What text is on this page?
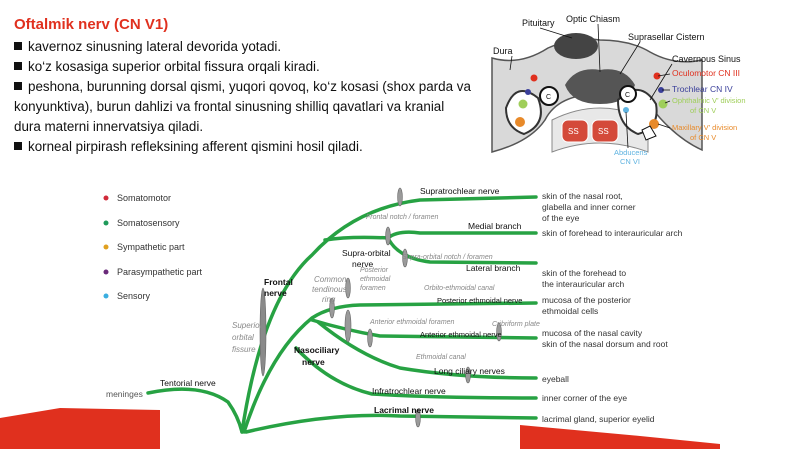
Oftalmik nerv (CN V1)
kavernoz sinusning lateral devorida yotadi.
ko‘z kosasiga superior orbital fissura orqali kiradi.
peshona, burunning dorsal qismi, yuqori qovoq, ko‘z kosasi (shox parda va konyunktiva), burun dahlizi va frontal sinusning shilliq qavatlari va kranial dura materni innervatsiya qiladi.
korneal pirpirash refleksining afferent qismini hosil qiladi.
Pituitary Optic Chiasm
Suprasellar Cistern
Dura
Cavernous Sinus
Oculomotor CN III
Trochlear CN IV
Ophthalmic V’ division
of CN V
Maxillary V’ division
of CN V
Abducens
CN VI
SS SS
C	C
Somatomotor
Somatosensory
Sympathetic part
Parasympathetic part
Sensory
meninges
Tentorial nerve
Frontal
nerve
Supratrochlear nerve
Supra-orbital
nerve
Medial branch
Lateral branch
Nasociliary
nerve
Posterior ethmoidal nerve
Anterior ethmoidal nerve
Long ciliary nerves
Infratrochlear nerve
Lacrimal nerve
Frontal notch / foramen
Supra-orbital notch / foramen
Orbito-ethmoidal canal
Anterior ethmoidal foramen	Cribriform plate
Ethmoidal canal
Common
tendinous
ring
Superior
orbital
fissure
Posterior
ethmoidal
foramen
skin of the nasal root,
glabella and inner corner
of the eye
skin of forehead to interauricular arch
skin of the forehead to
the interauricular arch
mucosa of the posterior
ethmoidal cells
mucosa of the nasal cavity
skin of the nasal dorsum and root
eyeball
inner corner of the eye
lacrimal gland, superior eyelid
